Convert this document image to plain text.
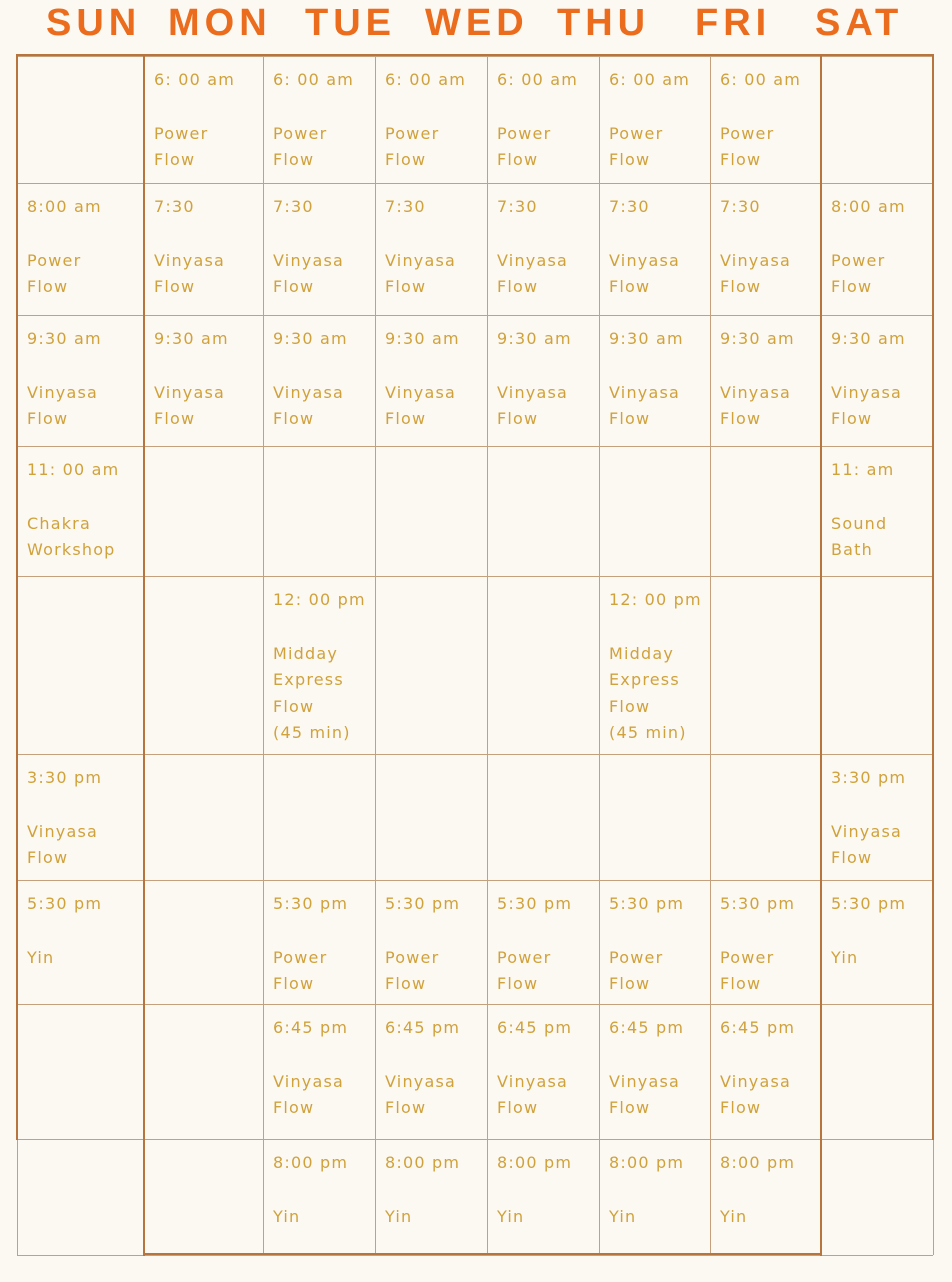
SUN MON TUE WED THU FRI SAT
6: 00 am
Power
Flow
6: 00 am
Power
Flow
6: 00 am
Power
Flow
6: 00 am
Power
Flow
6: 00 am
Power
Flow
6: 00 am
Power
Flow
8:00 am
Power
Flow
7:30
Vinyasa
Flow
7:30
Vinyasa
Flow
7:30
Vinyasa
Flow
7:30
Vinyasa
Flow
7:30
Vinyasa
Flow
7:30
Vinyasa
Flow
8:00 am
Power
Flow
9:30 am
Vinyasa
Flow
9:30 am
Vinyasa
Flow
9:30 am
Vinyasa
Flow
9:30 am
Vinyasa
Flow
9:30 am
Vinyasa
Flow
9:30 am
Vinyasa
Flow
9:30 am
Vinyasa
Flow
9:30 am
Vinyasa
Flow
11: 00 am
Chakra
Workshop
11: am
Sound
Bath
12: 00 pm
Midday
Express
Flow
(45 min)
12: 00 pm
Midday
Express
Flow
(45 min)
3:30 pm
Vinyasa
Flow
3:30 pm
Vinyasa
Flow
5:30 pm
Yin
5:30 pm
Power
Flow
5:30 pm
Power
Flow
5:30 pm
Power
Flow
5:30 pm
Power
Flow
5:30 pm
Power
Flow
5:30 pm
Yin
6:45 pm
Vinyasa
Flow
6:45 pm
Vinyasa
Flow
6:45 pm
Vinyasa
Flow
6:45 pm
Vinyasa
Flow
6:45 pm
Vinyasa
Flow
8:00 pm
Yin
8:00 pm
Yin
8:00 pm
Yin
8:00 pm
Yin
8:00 pm
Yin
